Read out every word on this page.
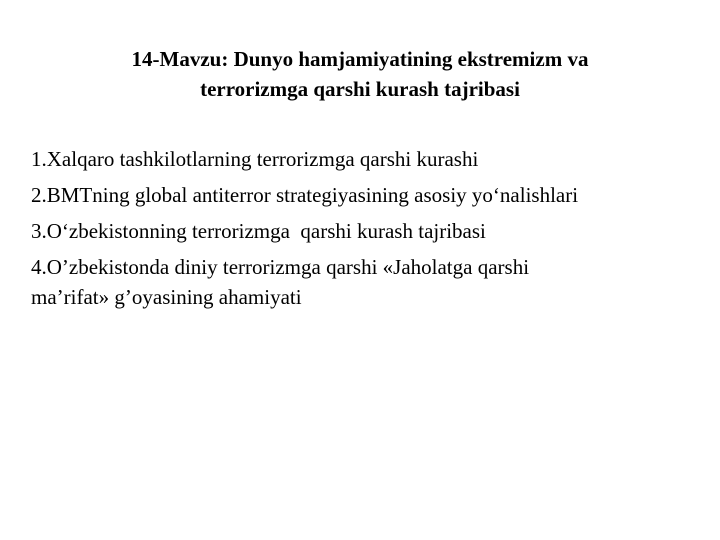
14-Mavzu: Dunyo hamjamiyatining ekstremizm va
terrorizmga qarshi kurash tajribasi
1.Xalqaro tashkilotlarning terrorizmga qarshi kurashi
2.BMTning global antiterror strategiyasining asosiy yo‘nalishlari
3.O‘zbekistonning terrorizmga  qarshi kurash tajribasi
4.O’zbekistonda diniy terrorizmga qarshi «Jaholatga qarshi
ma’rifat» g’oyasining ahamiyati
